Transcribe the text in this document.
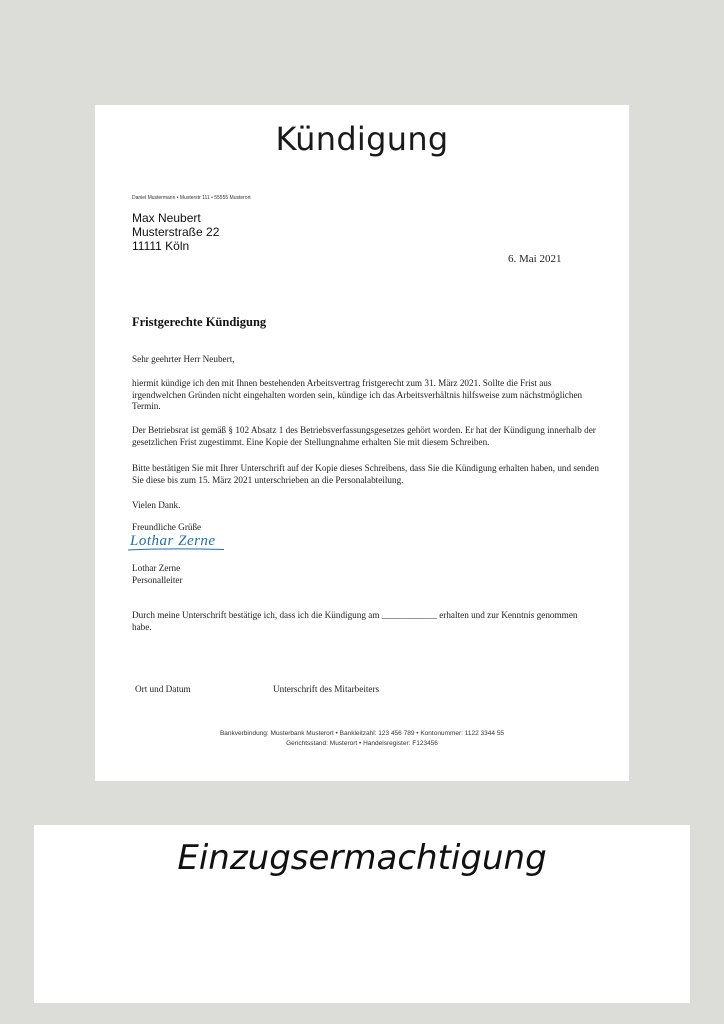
Kündigung
Daniel Mustermann • Musterstr 111 • 55555 Musterort
Max Neubert
Musterstraße 22
11111 Köln
6. Mai 2021
Fristgerechte Kündigung
Sehr geehrter Herr Neubert,
hiermit kündige ich den mit Ihnen bestehenden Arbeitsvertrag fristgerecht zum 31. März 2021. Sollte die Frist aus irgendwelchen Gründen nicht eingehalten worden sein, kündige ich das Arbeitsverhältnis hilfsweise zum nächstmöglichen Termin.
Der Betriebsrat ist gemäß § 102 Absatz 1 des Betriebsverfassungsgesetzes gehört worden. Er hat der Kündigung innerhalb der gesetzlichen Frist zugestimmt. Eine Kopie der Stellungnahme erhalten Sie mit diesem Schreiben.
Bitte bestätigen Sie mit Ihrer Unterschrift auf der Kopie dieses Schreibens, dass Sie die Kündigung erhalten haben, und senden Sie diese bis zum 15. März 2021 unterschrieben an die Personalabteilung.
Vielen Dank.
Freundliche Grüße
Lothar Zerne
Lothar Zerne
Personalleiter
Durch meine Unterschrift bestätige ich, dass ich die Kündigung am ____________ erhalten und zur Kenntnis genommen habe.
Ort und Datum	Unterschrift des Mitarbeiters
Bankverbindung: Musterbank Musterort • Bankleitzahl: 123 456 789 • Kontonummer: 1122 3344 55
Gerichtsstand: Musterort • Handelsregister: F123456
Einzugsermachtigung
